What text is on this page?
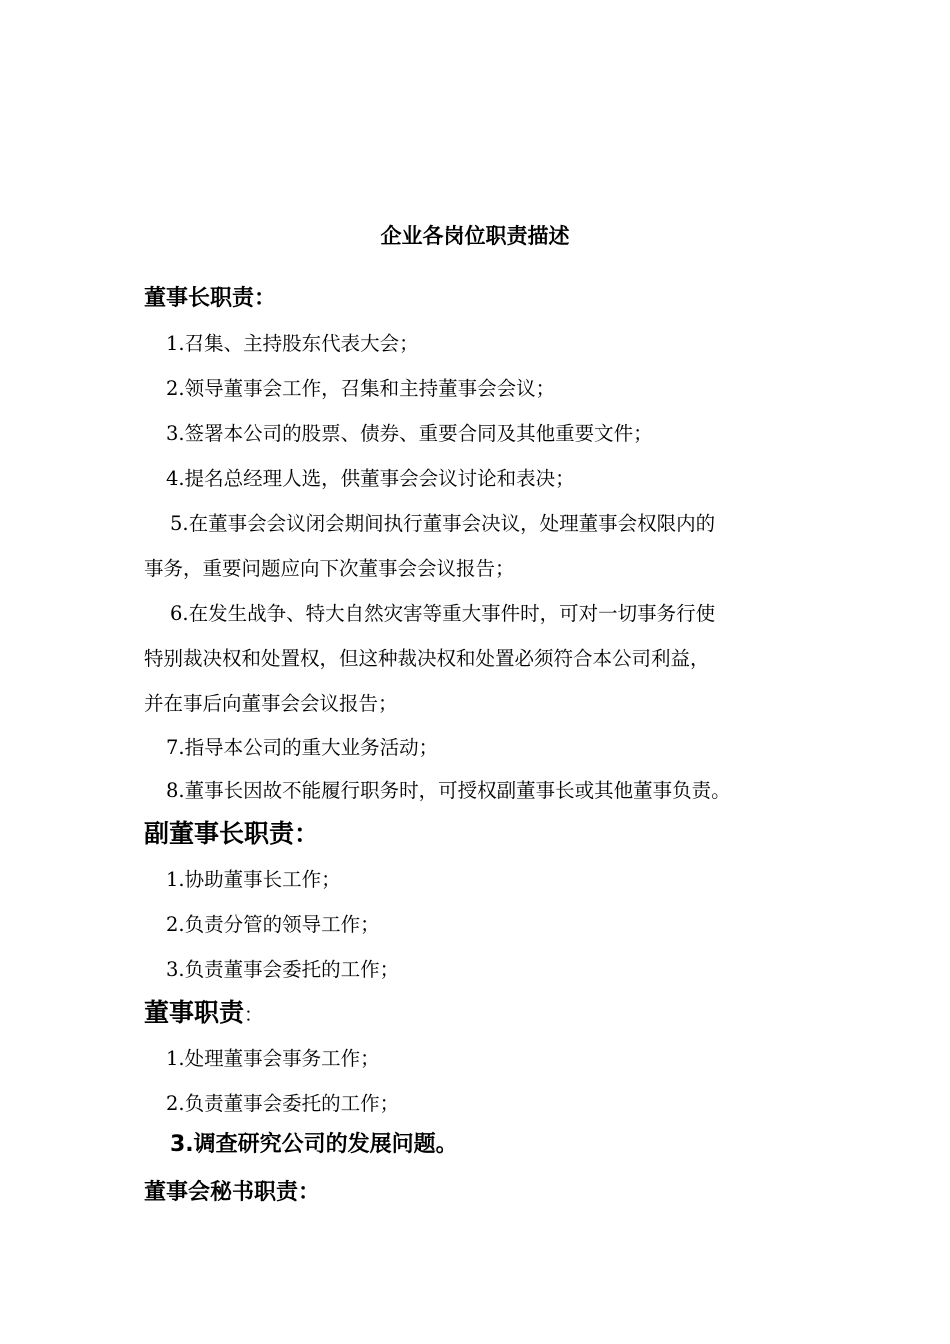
企业各岗位职责描述
董事长职责：
1.召集、主持股东代表大会；
2.领导董事会工作，召集和主持董事会会议；
3.签署本公司的股票、债券、重要合同及其他重要文件；
4.提名总经理人选，供董事会会议讨论和表决；
5.在董事会会议闭会期间执行董事会决议，处理董事会权限内的
事务，重要问题应向下次董事会会议报告；
6.在发生战争、特大自然灾害等重大事件时，可对一切事务行使
特别裁决权和处置权，但这种裁决权和处置必须符合本公司利益，
并在事后向董事会会议报告；
7.指导本公司的重大业务活动；
8.董事长因故不能履行职务时，可授权副董事长或其他董事负责。
副董事长职责：
1.协助董事长工作；
2.负责分管的领导工作；
3.负责董事会委托的工作；
董事职责：
1.处理董事会事务工作；
2.负责董事会委托的工作；
3.调查研究公司的发展问题。
董事会秘书职责：
